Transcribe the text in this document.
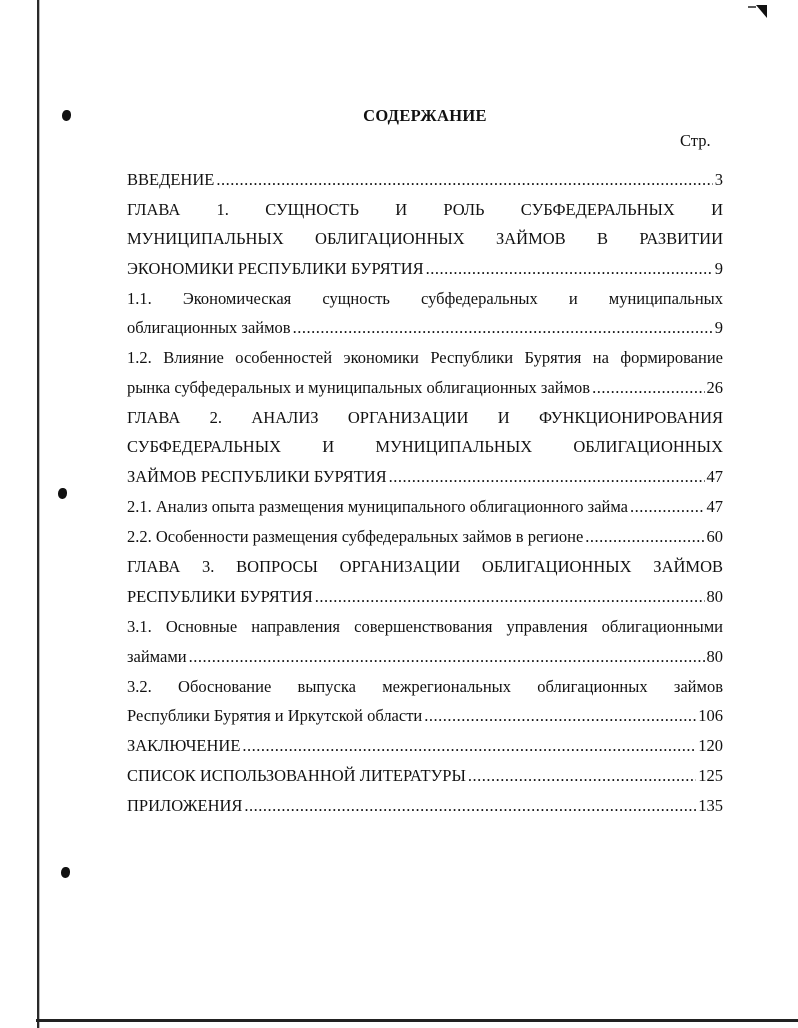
СОДЕРЖАНИЕ
Стр.
ВВЕДЕНИЕ .....	3
ГЛАВА 1. СУЩНОСТЬ И РОЛЬ СУБФЕДЕРАЛЬНЫХ И
МУНИЦИПАЛЬНЫХ ОБЛИГАЦИОННЫХ ЗАЙМОВ В РАЗВИТИИ
ЭКОНОМИКИ РЕСПУБЛИКИ БУРЯТИЯ .....	9
1.1. Экономическая сущность субфедеральных и муниципальных
облигационных займов .....	9
1.2. Влияние особенностей экономики Республики Бурятия на формирование
рынка субфедеральных и муниципальных облигационных займов .....	26
ГЛАВА 2. АНАЛИЗ ОРГАНИЗАЦИИ И ФУНКЦИОНИРОВАНИЯ
СУБФЕДЕРАЛЬНЫХ И МУНИЦИПАЛЬНЫХ ОБЛИГАЦИОННЫХ
ЗАЙМОВ РЕСПУБЛИКИ БУРЯТИЯ .....	47
2.1. Анализ опыта размещения муниципального облигационного займа .....	47
2.2. Особенности размещения субфедеральных займов в регионе .....	60
ГЛАВА 3. ВОПРОСЫ ОРГАНИЗАЦИИ ОБЛИГАЦИОННЫХ ЗАЙМОВ
РЕСПУБЛИКИ БУРЯТИЯ .....	80
3.1. Основные направления совершенствования управления облигационными
займами .....	80
3.2. Обоснование выпуска межрегиональных облигационных займов
Республики Бурятия и Иркутской области .....	106
ЗАКЛЮЧЕНИЕ .....	120
СПИСОК ИСПОЛЬЗОВАННОЙ ЛИТЕРАТУРЫ .....	125
ПРИЛОЖЕНИЯ .....	135
